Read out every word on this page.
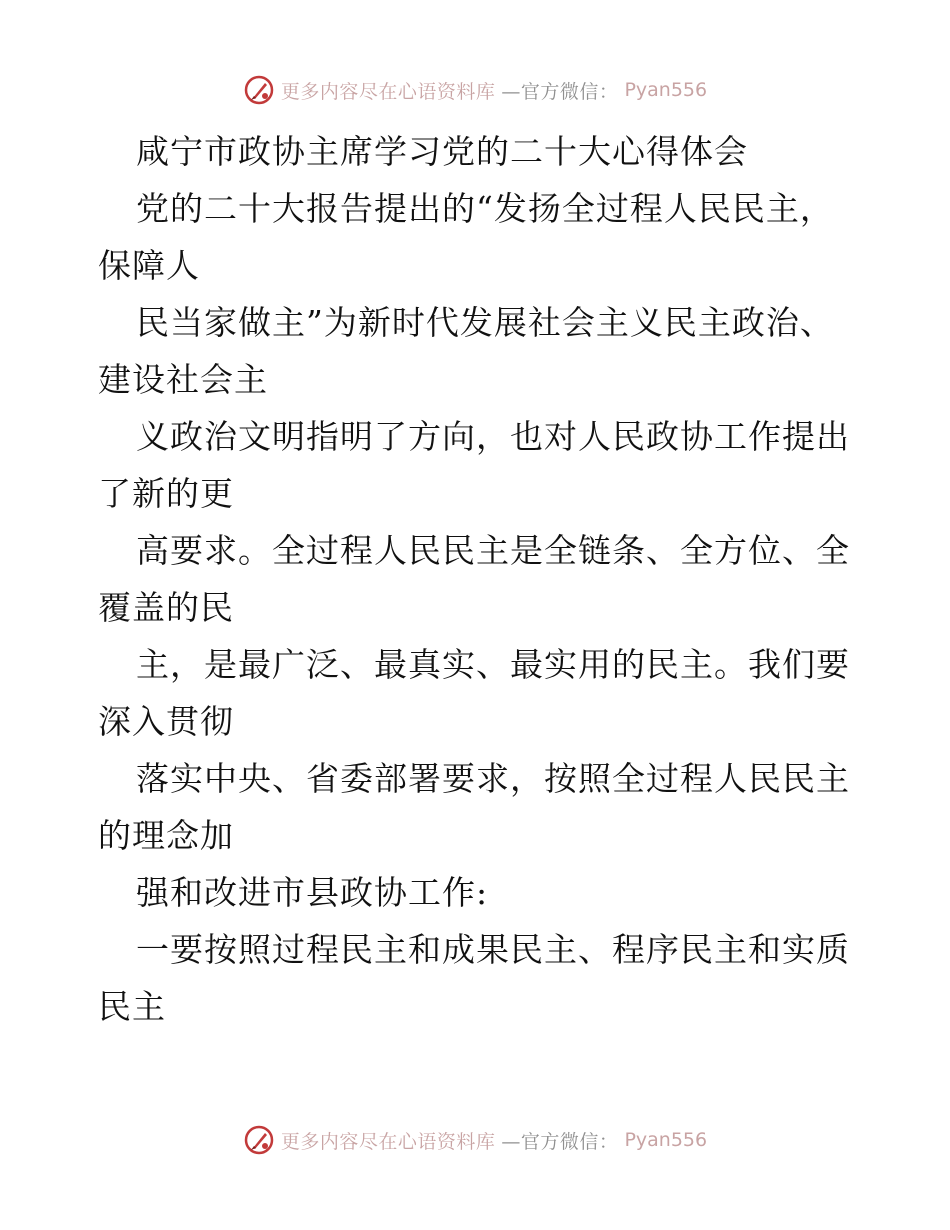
更多内容尽在心语资料库 —官方微信： Pyan556
咸宁市政协主席学习党的二十大心得体会
党的二十大报告提出的“发扬全过程人民民主，
保障人
民当家做主”为新时代发展社会主义民主政治、
建设社会主
义政治文明指明了方向，也对人民政协工作提出
了新的更
高要求。全过程人民民主是全链条、全方位、全
覆盖的民
主，是最广泛、最真实、最实用的民主。我们要
深入贯彻
落实中央、省委部署要求，按照全过程人民民主
的理念加
强和改进市县政协工作:
一要按照过程民主和成果民主、程序民主和实质
民主
更多内容尽在心语资料库 —官方微信： Pyan556
